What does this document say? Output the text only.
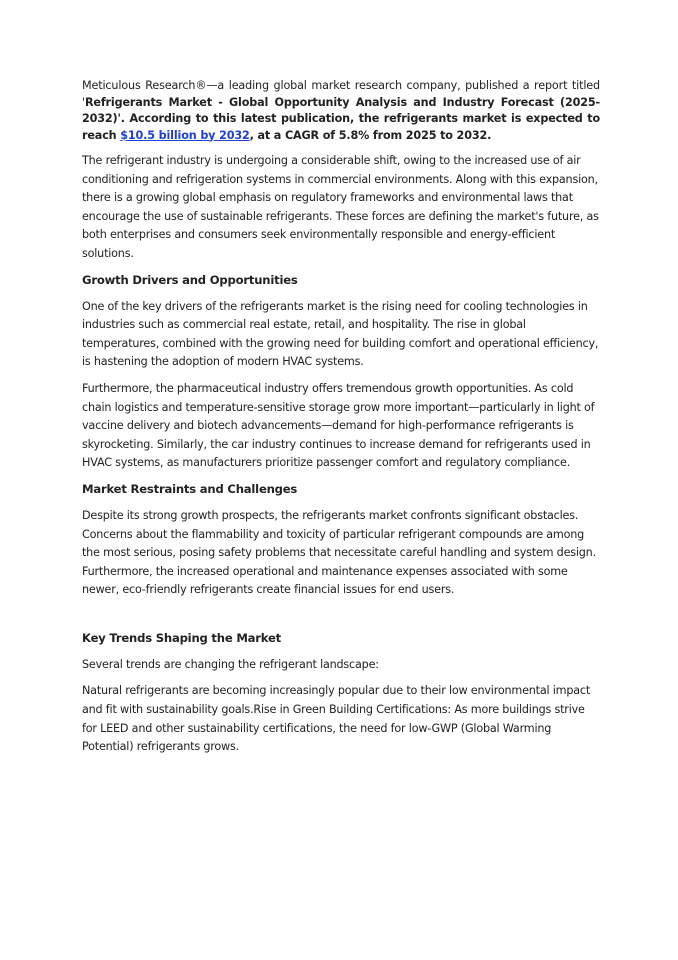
Meticulous Research®—a leading global market research company, published a report titled 'Refrigerants Market - Global Opportunity Analysis and Industry Forecast (2025-2032)'. According to this latest publication, the refrigerants market is expected to reach $10.5 billion by 2032, at a CAGR of 5.8% from 2025 to 2032.

The refrigerant industry is undergoing a considerable shift, owing to the increased use of air conditioning and refrigeration systems in commercial environments. Along with this expansion, there is a growing global emphasis on regulatory frameworks and environmental laws that encourage the use of sustainable refrigerants. These forces are defining the market's future, as both enterprises and consumers seek environmentally responsible and energy-efficient solutions.

Growth Drivers and Opportunities

One of the key drivers of the refrigerants market is the rising need for cooling technologies in industries such as commercial real estate, retail, and hospitality. The rise in global temperatures, combined with the growing need for building comfort and operational efficiency, is hastening the adoption of modern HVAC systems.

Furthermore, the pharmaceutical industry offers tremendous growth opportunities. As cold chain logistics and temperature-sensitive storage grow more important—particularly in light of vaccine delivery and biotech advancements—demand for high-performance refrigerants is skyrocketing. Similarly, the car industry continues to increase demand for refrigerants used in HVAC systems, as manufacturers prioritize passenger comfort and regulatory compliance.

Market Restraints and Challenges

Despite its strong growth prospects, the refrigerants market confronts significant obstacles. Concerns about the flammability and toxicity of particular refrigerant compounds are among the most serious, posing safety problems that necessitate careful handling and system design. Furthermore, the increased operational and maintenance expenses associated with some newer, eco-friendly refrigerants create financial issues for end users.

Key Trends Shaping the Market

Several trends are changing the refrigerant landscape:

Natural refrigerants are becoming increasingly popular due to their low environmental impact and fit with sustainability goals.Rise in Green Building Certifications: As more buildings strive for LEED and other sustainability certifications, the need for low-GWP (Global Warming Potential) refrigerants grows.
